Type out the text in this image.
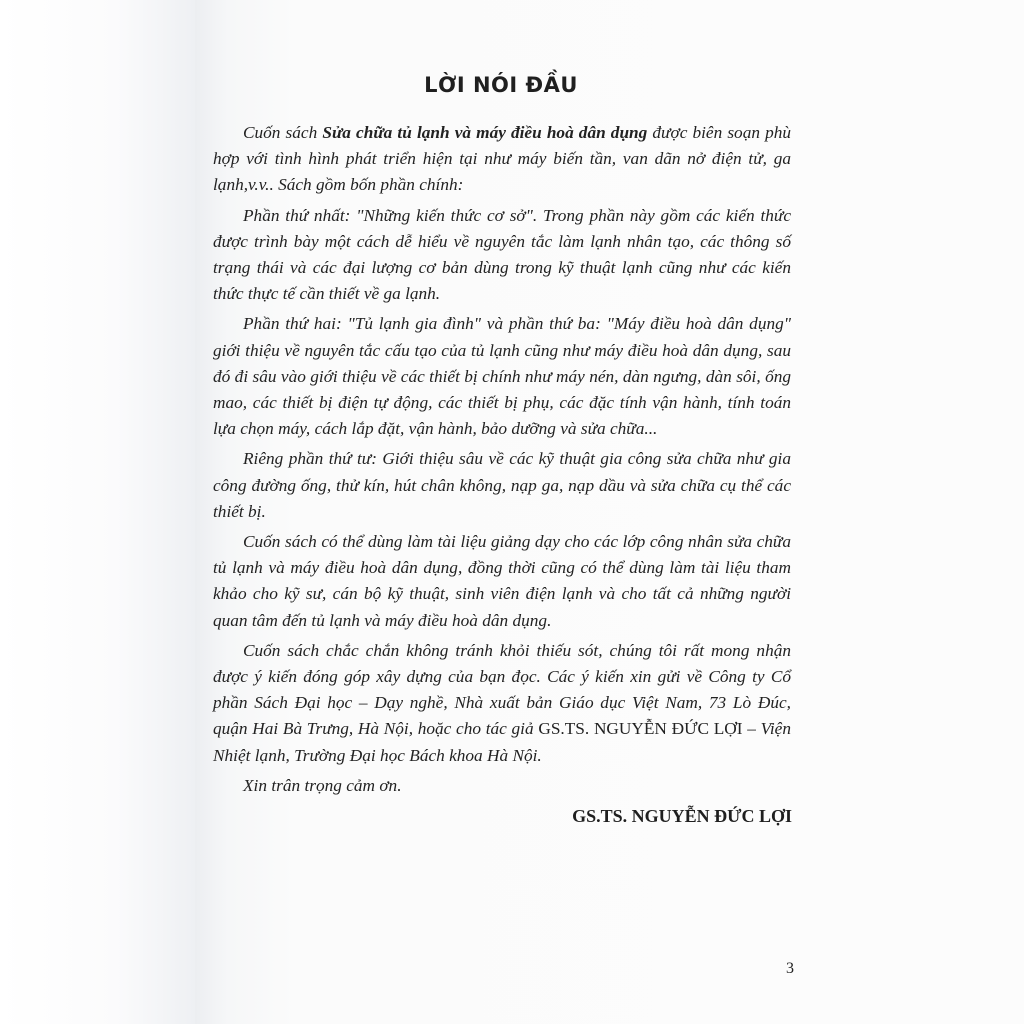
LỜI NÓI ĐẦU

Cuốn sách Sửa chữa tủ lạnh và máy điều hoà dân dụng được biên soạn phù hợp với tình hình phát triển hiện tại như máy biến tần, van dãn nở điện tử, ga lạnh,v.v.. Sách gồm bốn phần chính:

Phần thứ nhất: "Những kiến thức cơ sở". Trong phần này gồm các kiến thức được trình bày một cách dễ hiểu về nguyên tắc làm lạnh nhân tạo, các thông số trạng thái và các đại lượng cơ bản dùng trong kỹ thuật lạnh cũng như các kiến thức thực tế cần thiết về ga lạnh.

Phần thứ hai: "Tủ lạnh gia đình" và phần thứ ba: "Máy điều hoà dân dụng" giới thiệu về nguyên tắc cấu tạo của tủ lạnh cũng như máy điều hoà dân dụng, sau đó đi sâu vào giới thiệu về các thiết bị chính như máy nén, dàn ngưng, dàn sôi, ống mao, các thiết bị điện tự động, các thiết bị phụ, các đặc tính vận hành, tính toán lựa chọn máy, cách lắp đặt, vận hành, bảo dưỡng và sửa chữa...

Riêng phần thứ tư: Giới thiệu sâu về các kỹ thuật gia công sửa chữa như gia công đường ống, thử kín, hút chân không, nạp ga, nạp dầu và sửa chữa cụ thể các thiết bị.

Cuốn sách có thể dùng làm tài liệu giảng dạy cho các lớp công nhân sửa chữa tủ lạnh và máy điều hoà dân dụng, đồng thời cũng có thể dùng làm tài liệu tham khảo cho kỹ sư, cán bộ kỹ thuật, sinh viên điện lạnh và cho tất cả những người quan tâm đến tủ lạnh và máy điều hoà dân dụng.

Cuốn sách chắc chắn không tránh khỏi thiếu sót, chúng tôi rất mong nhận được ý kiến đóng góp xây dựng của bạn đọc. Các ý kiến xin gửi về Công ty Cổ phần Sách Đại học – Dạy nghề, Nhà xuất bản Giáo dục Việt Nam, 73 Lò Đúc, quận Hai Bà Trưng, Hà Nội, hoặc cho tác giả GS.TS. NGUYỄN ĐỨC LỢI – Viện Nhiệt lạnh, Trường Đại học Bách khoa Hà Nội.

Xin trân trọng cảm ơn.

GS.TS. NGUYỄN ĐỨC LỢI
3
